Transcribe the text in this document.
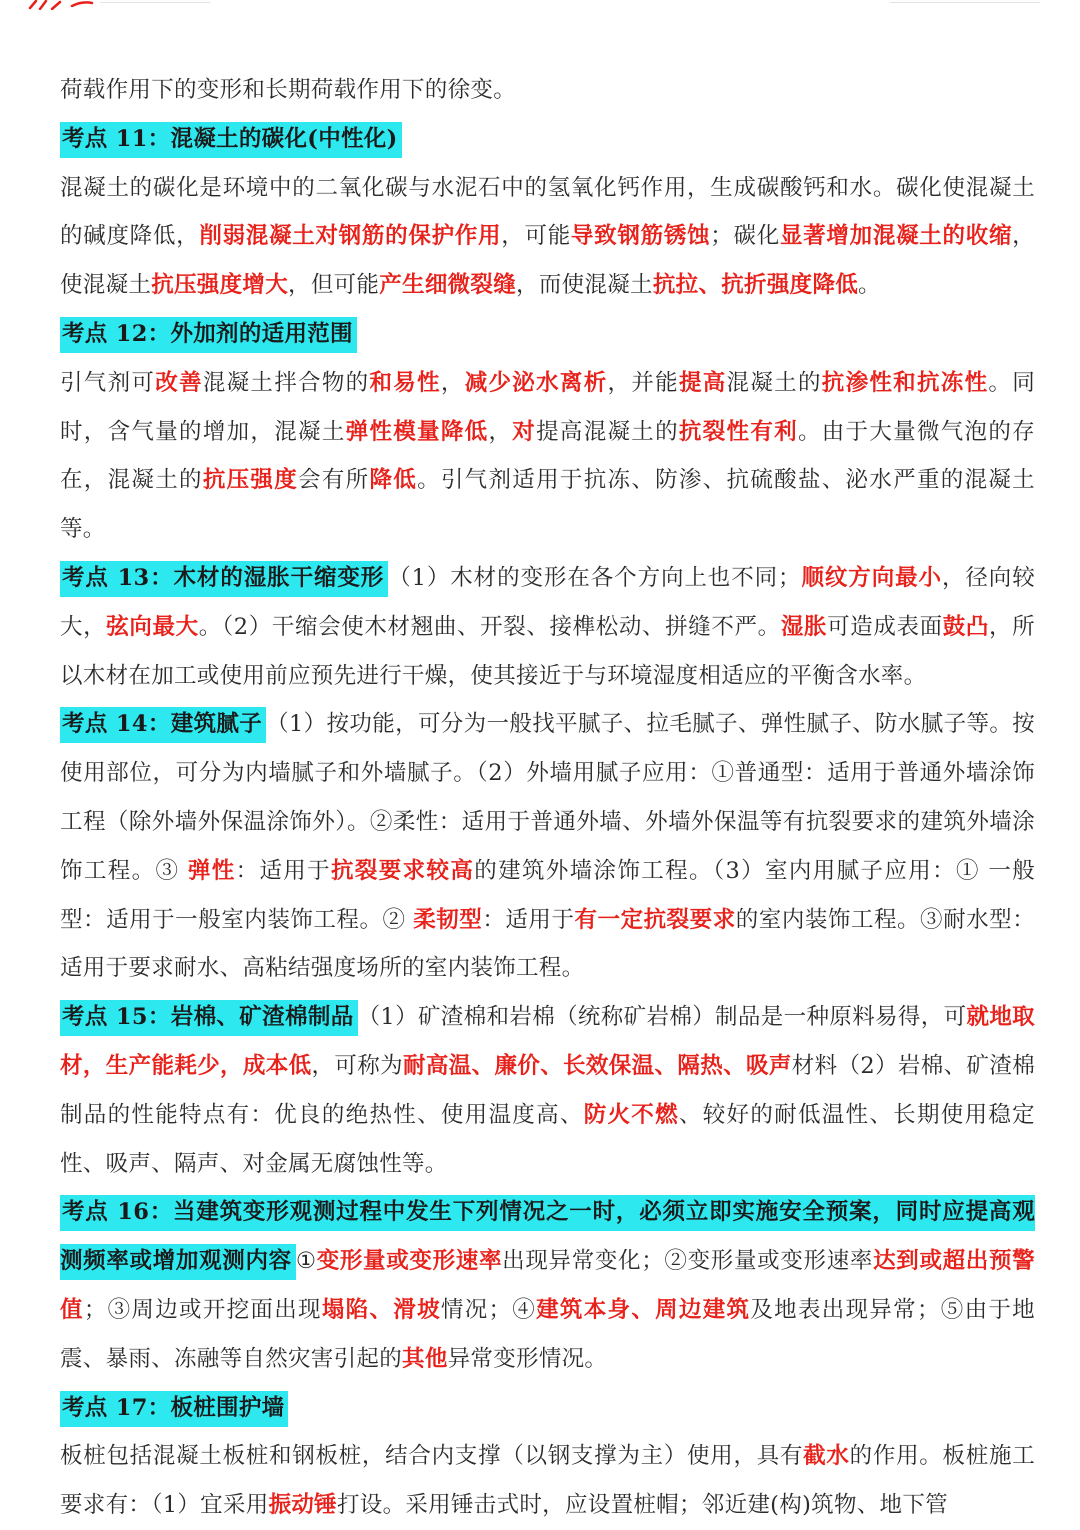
荷载作用下的变形和长期荷载作用下的徐变。

考点 11：混凝土的碳化(中性化)

混凝土的碳化是环境中的二氧化碳与水泥石中的氢氧化钙作用，生成碳酸钙和水。碳化使混凝土的碱度降低，削弱混凝土对钢筋的保护作用，可能导致钢筋锈蚀；碳化显著增加混凝土的收缩，使混凝土抗压强度增大，但可能产生细微裂缝，而使混凝土抗拉、抗折强度降低。

考点 12：外加剂的适用范围

引气剂可改善混凝土拌合物的和易性，减少泌水离析，并能提高混凝土的抗渗性和抗冻性。同时，含气量的增加，混凝土弹性模量降低，对提高混凝土的抗裂性有利。由于大量微气泡的存在，混凝土的抗压强度会有所降低。引气剂适用于抗冻、防渗、抗硫酸盐、泌水严重的混凝土等。

考点 13：木材的湿胀干缩变形 （1）木材的变形在各个方向上也不同；顺纹方向最小，径向较大，弦向最大。（2）干缩会使木材翘曲、开裂、接榫松动、拼缝不严。湿胀可造成表面鼓凸，所以木材在加工或使用前应预先进行干燥，使其接近于与环境湿度相适应的平衡含水率。

考点 14：建筑腻子 （1）按功能，可分为一般找平腻子、拉毛腻子、弹性腻子、防水腻子等。按使用部位，可分为内墙腻子和外墙腻子。（2）外墙用腻子应用：①普通型：适用于普通外墙涂饰工程（除外墙外保温涂饰外）。②柔性：适用于普通外墙、外墙外保温等有抗裂要求的建筑外墙涂饰工程。③ 弹性：适用于抗裂要求较高的建筑外墙涂饰工程。（3）室内用腻子应用：① 一般型：适用于一般室内装饰工程。② 柔韧型：适用于有一定抗裂要求的室内装饰工程。③耐水型：适用于要求耐水、高粘结强度场所的室内装饰工程。

考点 15：岩棉、矿渣棉制品 （1）矿渣棉和岩棉（统称矿岩棉）制品是一种原料易得，可就地取材，生产能耗少，成本低，可称为耐高温、廉价、长效保温、隔热、吸声材料（2）岩棉、矿渣棉制品的性能特点有：优良的绝热性、使用温度高、防火不燃、较好的耐低温性、长期使用稳定性、吸声、隔声、对金属无腐蚀性等。

考点 16：当建筑变形观测过程中发生下列情况之一时，必须立即实施安全预案，同时应提高观测频率或增加观测内容 ①变形量或变形速率出现异常变化；②变形量或变形速率达到或超出预警值；③周边或开挖面出现塌陷、滑坡情况；④建筑本身、周边建筑及地表出现异常；⑤由于地震、暴雨、冻融等自然灾害引起的其他异常变形情况。

考点 17：板桩围护墙

板桩包括混凝土板桩和钢板桩，结合内支撑（以钢支撑为主）使用，具有截水的作用。板桩施工要求有：（1）宜采用振动锤打设。采用锤击式时，应设置桩帽；邻近建(构)筑物、地下管
